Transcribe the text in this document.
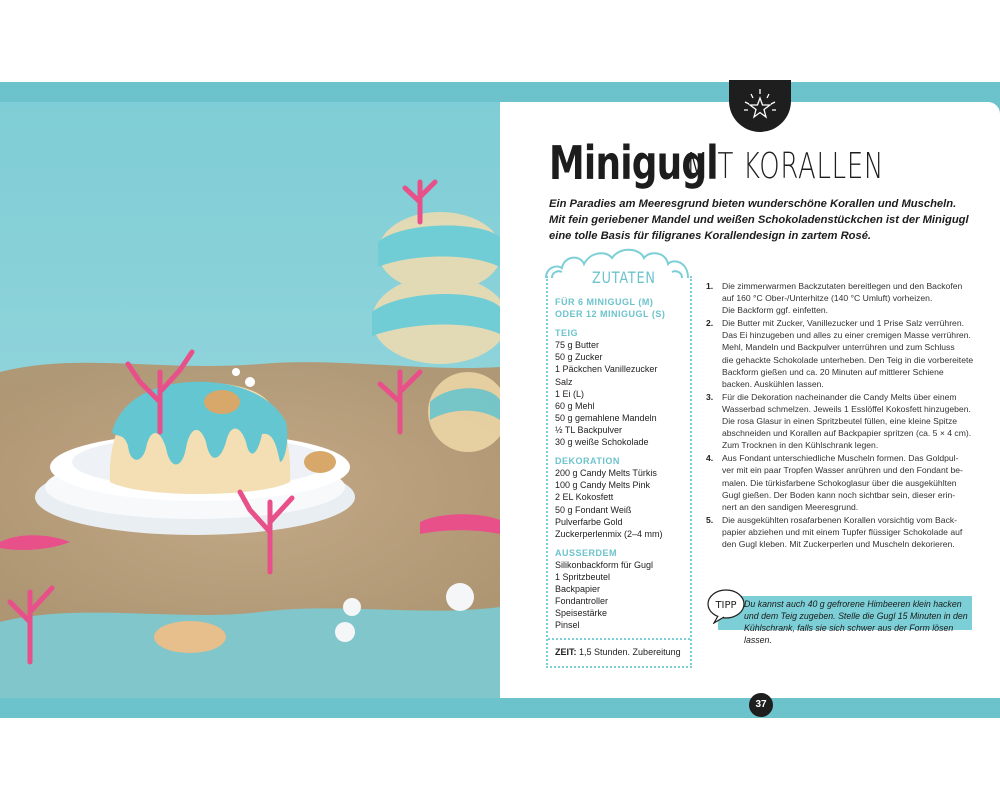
Minigugl
MIT KORALLEN

Ein Paradies am Meeresgrund bieten wunderschöne Korallen und Muscheln.

Mit fein geriebener Mandel und weißen Schokoladenstückchen ist der Minigugl

eine tolle Basis für filigranes Korallendesign in zartem Rosé.

ZUTATEN
FÜR 6 MINIGUGL (M)
ODER 12 MINIGUGL (S)
TEIG
75 g Butter
50 g Zucker
1 Päckchen Vanillezucker
Salz
1 Ei (L)
60 g Mehl
50 g gemahlene Mandeln
½ TL Backpulver
30 g weiße Schokolade
DEKORATION
200 g Candy Melts Türkis
100 g Candy Melts Pink
2 EL Kokosfett
50 g Fondant Weiß
Pulverfarbe Gold
Zuckerperlenmix (2–4 mm)
AUSSERDEM
Silikonbackform für Gugl
1 Spritzbeutel
Backpapier
Fondantroller
Speisestärke
Pinsel
ZEIT: 1,5 Stunden. Zubereitung
1. Die zimmerwarmen Backzutaten bereitlegen und den Backofen
auf 160 °C Ober-/Unterhitze (140 °C Umluft) vorheizen.
Die Backform ggf. einfetten.
2. Die Butter mit Zucker, Vanillezucker und 1 Prise Salz verrühren.
Das Ei hinzugeben und alles zu einer cremigen Masse verrühren.
Mehl, Mandeln und Backpulver unterrühren und zum Schluss
die gehackte Schokolade unterheben. Den Teig in die vorbereitete
Backform gießen und ca. 20 Minuten auf mittlerer Schiene
backen. Auskühlen lassen.
3. Für die Dekoration nacheinander die Candy Melts über einem
Wasserbad schmelzen. Jeweils 1 Esslöffel Kokosfett hinzugeben.
Die rosa Glasur in einen Spritzbeutel füllen, eine kleine Spitze
abschneiden und Korallen auf Backpapier spritzen (ca. 5 × 4 cm).
Zum Trocknen in den Kühlschrank legen.
4. Aus Fondant unterschiedliche Muscheln formen. Das Goldpul-
ver mit ein paar Tropfen Wasser anrühren und den Fondant be-
malen. Die türkisfarbene Schokoglasur über die ausgekühlten
Gugl gießen. Der Boden kann noch sichtbar sein, dieser erin-
nert an den sandigen Meeresgrund.
5. Die ausgekühlten rosafarbenen Korallen vorsichtig vom Back-
papier abziehen und mit einem Tupfer flüssiger Schokolade auf
den Gugl kleben. Mit Zuckerperlen und Muscheln dekorieren.
TIPP Du kannst auch 40 g gefrorene Himbeeren klein hacken
und dem Teig zugeben. Stelle die Gugl 15 Minuten in den
Kühlschrank, falls sie sich schwer aus der Form lösen lassen.
37
